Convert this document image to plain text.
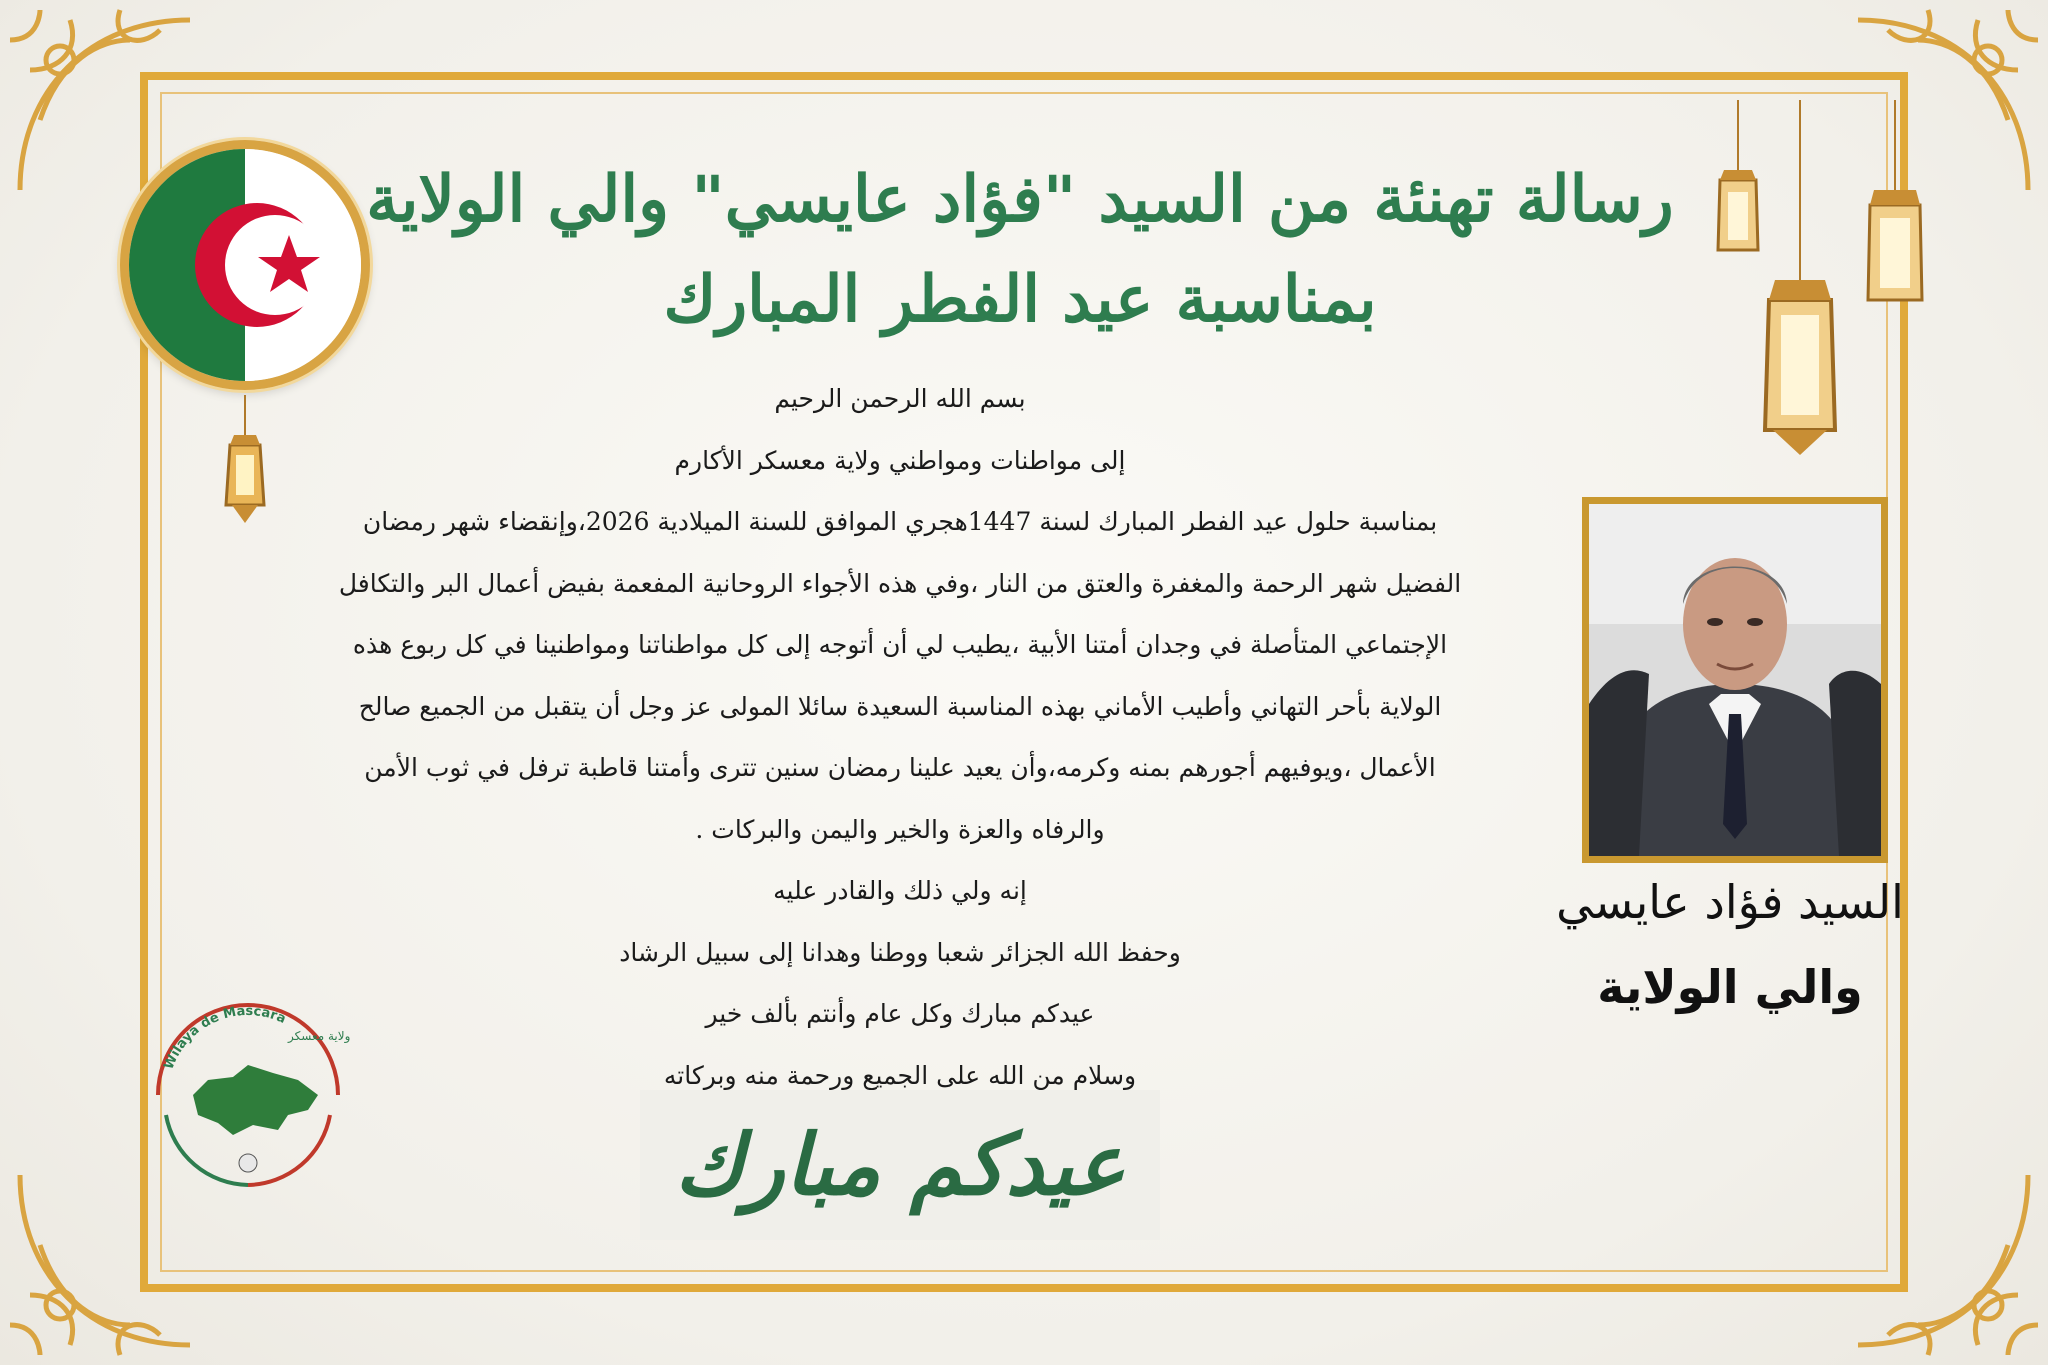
رسالة تهنئة من السيد "فؤاد عايسي" والي الولاية
بمناسبة عيد الفطر المبارك

بسم الله الرحمن الرحيم

إلى مواطنات ومواطني ولاية معسكر الأكارم

بمناسبة حلول عيد الفطر المبارك لسنة 1447هجري الموافق للسنة الميلادية 2026،وإنقضاء شهر رمضان

الفضيل شهر الرحمة والمغفرة والعتق من النار ،وفي هذه الأجواء الروحانية المفعمة بفيض أعمال البر والتكافل

الإجتماعي المتأصلة في وجدان أمتنا الأبية ،يطيب لي أن أتوجه إلى كل مواطناتنا ومواطنينا في كل ربوع هذه

الولاية بأحر التهاني وأطيب الأماني بهذه المناسبة السعيدة سائلا المولى عز وجل أن يتقبل من الجميع صالح

الأعمال ،ويوفيهم أجورهم بمنه وكرمه،وأن يعيد علينا رمضان سنين تترى وأمتنا قاطبة ترفل في ثوب الأمن

والرفاه والعزة والخير واليمن والبركات .

إنه ولي ذلك والقادر عليه

وحفظ الله الجزائر شعبا ووطنا وهدانا إلى سبيل الرشاد

عيدكم مبارك وكل عام وأنتم بألف خير

وسلام من الله على الجميع ورحمة منه وبركاته

السيد فؤاد عايسي
والي الولاية
Wilaya de Mascara
ولاية معسكر
عيدكم مبارك
